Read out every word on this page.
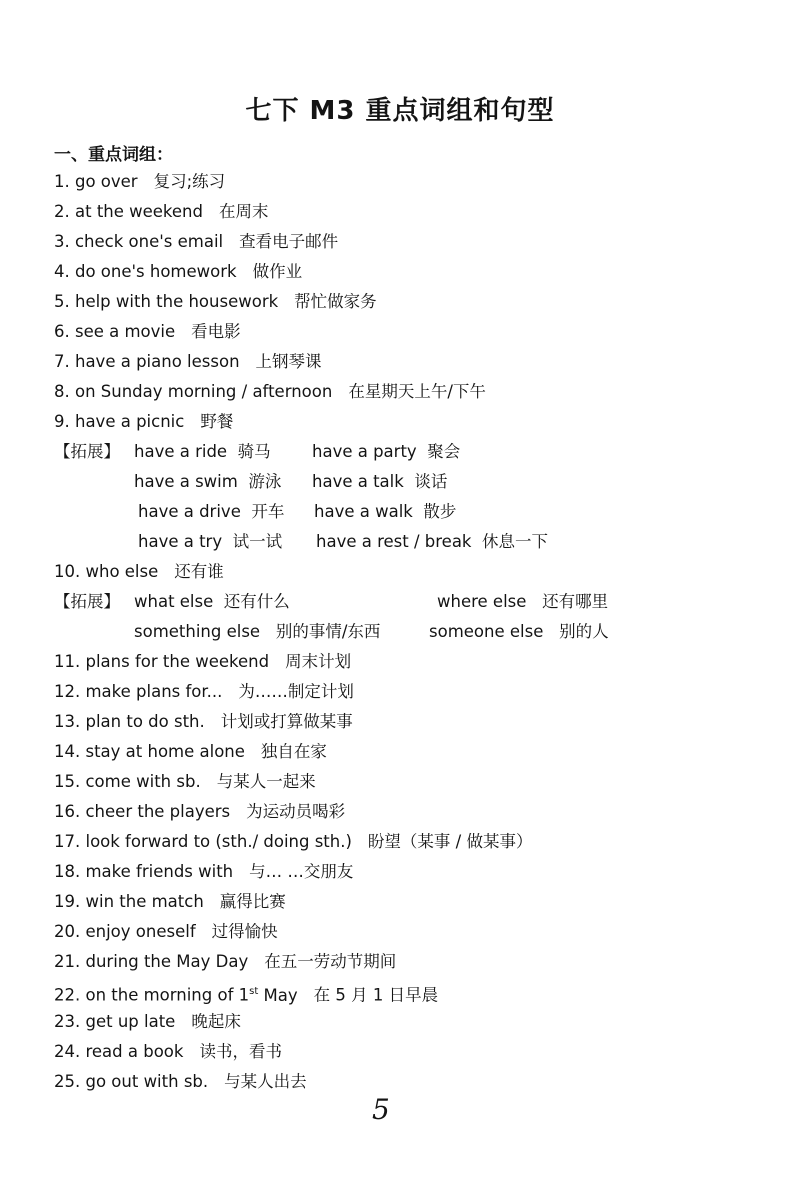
七下 M3 重点词组和句型
一、重点词组：
1. go over 复习;练习
2. at the weekend 在周末
3. check one's email 查看电子邮件
4. do one's homework 做作业
5. help with the housework 帮忙做家务
6. see a movie 看电影
7. have a piano lesson 上钢琴课
8. on Sunday morning / afternoon 在星期天上午/下午
9. have a picnic 野餐
【拓展】 have a ride 骑马	have a party 聚会
have a swim 游泳 have a talk 谈话
have a drive 开车 have a walk 散步
have a try 试一试 have a rest / break 休息一下
10. who else 还有谁
【拓展】 what else 还有什么	where else 还有哪里
something else 别的事情/东西	someone else 别的人
11. plans for the weekend 周末计划
12. make plans for... 为……制定计划
13. plan to do sth. 计划或打算做某事
14. stay at home alone 独自在家
15. come with sb. 与某人一起来
16. cheer the players 为运动员喝彩
17. look forward to (sth./ doing sth.) 盼望（某事 / 做某事）
18. make friends with 与… …交朋友
19. win the match 赢得比赛
20. enjoy oneself 过得愉快
21. during the May Day 在五一劳动节期间
22. on the morning of 1st May 在 5 月 1 日早晨
23. get up late 晚起床
24. read a book 读书，看书
25. go out with sb. 与某人出去
5
